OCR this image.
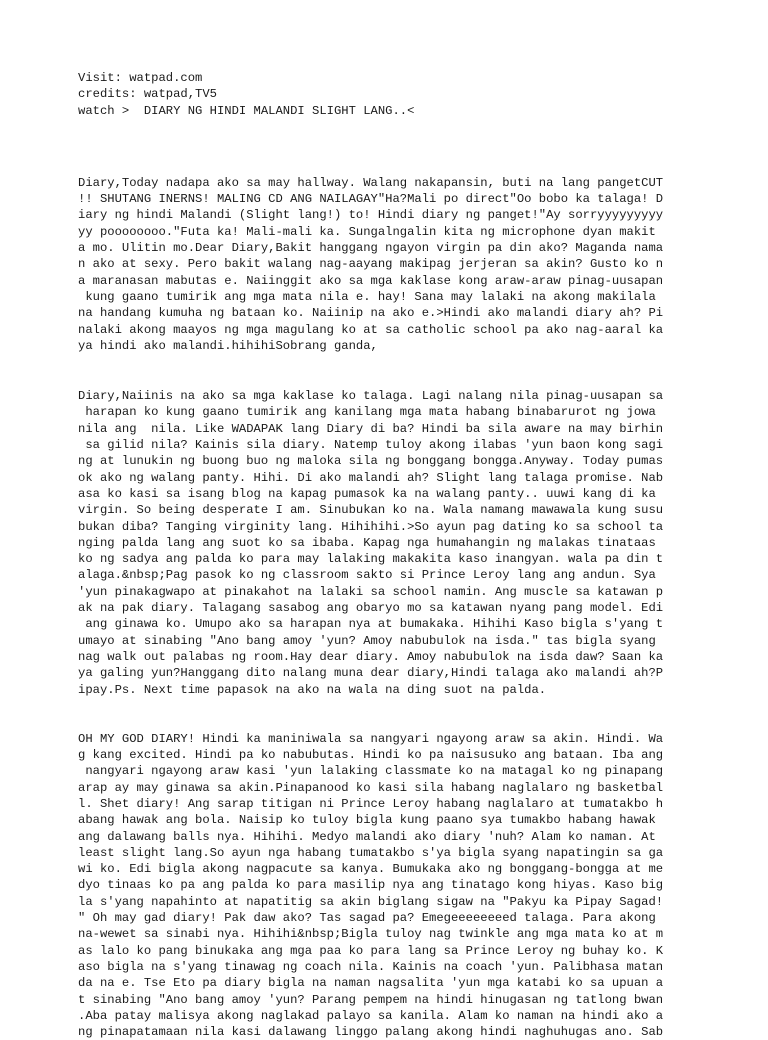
Visit: watpad.com
credits: watpad,TV5
watch >  DIARY NG HINDI MALANDI SLIGHT LANG..<
Diary,Today nadapa ako sa may hallway. Walang nakapansin, buti na lang pangetCUT
!! SHUTANG INERNS! MALING CD ANG NAILAGAY"Ha?Mali po direct"Oo bobo ka talaga! D
iary ng hindi Malandi (Slight lang!) to! Hindi diary ng panget!"Ay sorryyyyyyyyy
yy poooooooo."Futa ka! Mali-mali ka. Sungalngalin kita ng microphone dyan makit
a mo. Ulitin mo.Dear Diary,Bakit hanggang ngayon virgin pa din ako? Maganda nama
n ako at sexy. Pero bakit walang nag-aayang makipag jerjeran sa akin? Gusto ko n
a maranasan mabutas e. Naiinggit ako sa mga kaklase kong araw-araw pinag-uusapan
kung gaano tumirik ang mga mata nila e. hay! Sana may lalaki na akong makilala
na handang kumuha ng bataan ko. Naiinip na ako e.>Hindi ako malandi diary ah? Pi
nalaki akong maayos ng mga magulang ko at sa catholic school pa ako nag-aaral ka
ya hindi ako malandi.hihihiSobrang ganda,
Diary,Naiinis na ako sa mga kaklase ko talaga. Lagi nalang nila pinag-uusapan sa
harapan ko kung gaano tumirik ang kanilang mga mata habang binabarurot ng jowa
nila ang  nila. Like WADAPAK lang Diary di ba? Hindi ba sila aware na may birhin
sa gilid nila? Kainis sila diary. Natemp tuloy akong ilabas 'yun baon kong sagi
ng at lunukin ng buong buo ng maloka sila ng bonggang bongga.Anyway. Today pumas
ok ako ng walang panty. Hihi. Di ako malandi ah? Slight lang talaga promise. Nab
asa ko kasi sa isang blog na kapag pumasok ka na walang panty.. uuwi kang di ka
virgin. So being desperate I am. Sinubukan ko na. Wala namang mawawala kung susu
bukan diba? Tanging virginity lang. Hihihihi.>So ayun pag dating ko sa school ta
nging palda lang ang suot ko sa ibaba. Kapag nga humahangin ng malakas tinataas
ko ng sadya ang palda ko para may lalaking makakita kaso inangyan. wala pa din t
alaga.&nbsp;Pag pasok ko ng classroom sakto si Prince Leroy lang ang andun. Sya
'yun pinakagwapo at pinakahot na lalaki sa school namin. Ang muscle sa katawan p
ak na pak diary. Talagang sasabog ang obaryo mo sa katawan nyang pang model. Edi
ang ginawa ko. Umupo ako sa harapan nya at bumakaka. Hihihi Kaso bigla s'yang t
umayo at sinabing "Ano bang amoy 'yun? Amoy nabubulok na isda." tas bigla syang
nag walk out palabas ng room.Hay dear diary. Amoy nabubulok na isda daw? Saan ka
ya galing yun?Hanggang dito nalang muna dear diary,Hindi talaga ako malandi ah?P
ipay.Ps. Next time papasok na ako na wala na ding suot na palda.
OH MY GOD DIARY! Hindi ka maniniwala sa nangyari ngayong araw sa akin. Hindi. Wa
g kang excited. Hindi pa ko nabubutas. Hindi ko pa naisusuko ang bataan. Iba ang
nangyari ngayong araw kasi 'yun lalaking classmate ko na matagal ko ng pinapang
arap ay may ginawa sa akin.Pinapanood ko kasi sila habang naglalaro ng basketbal
l. Shet diary! Ang sarap titigan ni Prince Leroy habang naglalaro at tumatakbo h
abang hawak ang bola. Naisip ko tuloy bigla kung paano sya tumakbo habang hawak
ang dalawang balls nya. Hihihi. Medyo malandi ako diary 'nuh? Alam ko naman. At
least slight lang.So ayun nga habang tumatakbo s'ya bigla syang napatingin sa ga
wi ko. Edi bigla akong nagpacute sa kanya. Bumukaka ako ng bonggang-bongga at me
dyo tinaas ko pa ang palda ko para masilip nya ang tinatago kong hiyas. Kaso big
la s'yang napahinto at napatitig sa akin biglang sigaw na "Pakyu ka Pipay Sagad!
" Oh may gad diary! Pak daw ako? Tas sagad pa? Emegeeeeeeeed talaga. Para akong
na-wewet sa sinabi nya. Hihihi&nbsp;Bigla tuloy nag twinkle ang mga mata ko at m
as lalo ko pang binukaka ang mga paa ko para lang sa Prince Leroy ng buhay ko. K
aso bigla na s'yang tinawag ng coach nila. Kainis na coach 'yun. Palibhasa matan
da na e. Tse Eto pa diary bigla na naman nagsalita 'yun mga katabi ko sa upuan a
t sinabing "Ano bang amoy 'yun? Parang pempem na hindi hinugasan ng tatlong bwan
.Aba patay malisya akong naglakad palayo sa kanila. Alam ko naman na hindi ako a
ng pinapatamaan nila kasi dalawang linggo palang akong hindi naghuhugas ano. Sab
